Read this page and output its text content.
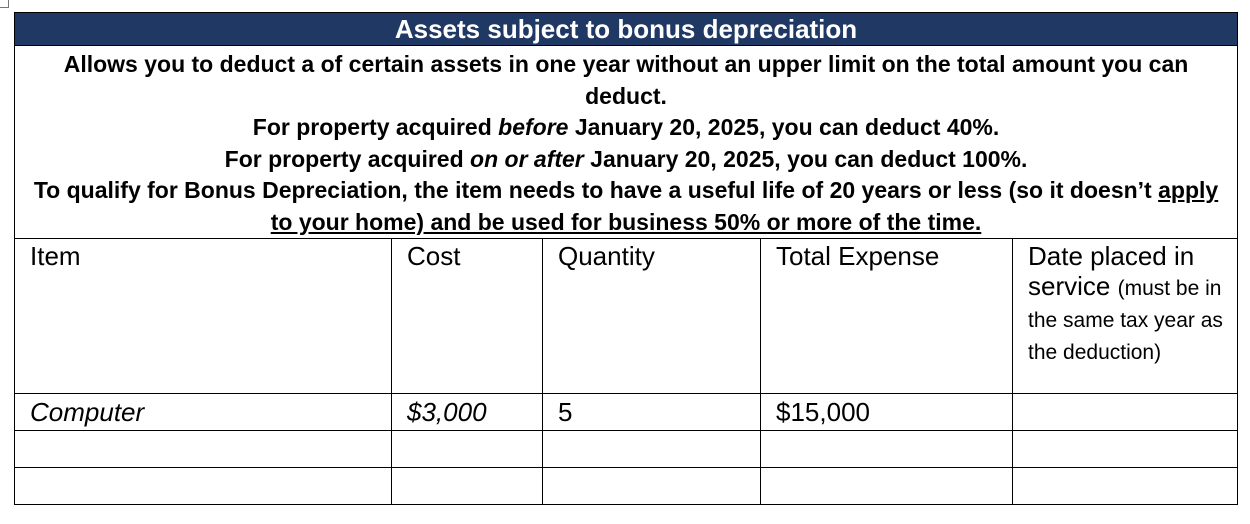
Assets subject to bonus depreciation				

Allows you to deduct a of certain assets in one year without an upper limit on the total amount you can deduct.

For property acquired before January 20, 2025, you can deduct 40%.

For property acquired on or after January 20, 2025, you can deduct 100%.

To qualify for Bonus Depreciation, the item needs to have a useful life of 20 years or less (so it doesn’t apply to your home) and be used for business 50% or more of the time.				

Item	Cost	Quantity	Total Expense	Date placed in service (must be in the same tax year as the deduction)
Computer	$3,000	5	$15,000	
